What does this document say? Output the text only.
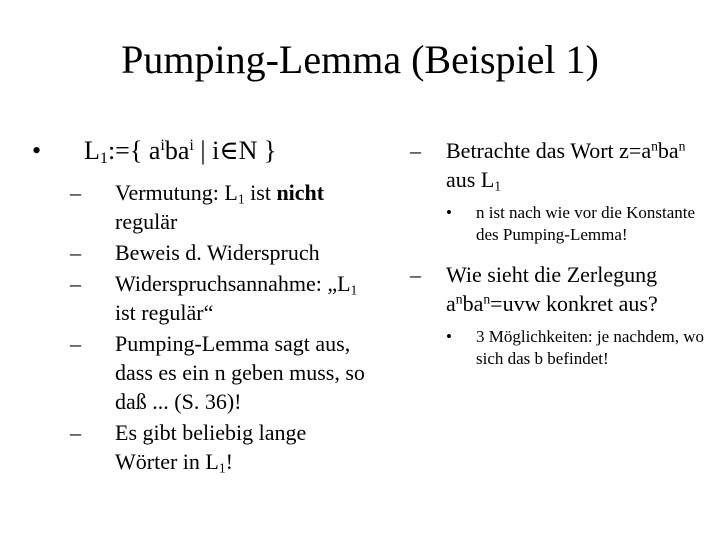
Pumping-Lemma (Beispiel 1)
• $L_1:=${ $a^iba^i$ | i∈N }
– Vermutung: $L_1$ ist nicht regulär
– Beweis d. Widerspruch
– Widerspruchsannahme: $„L_1$ ist regulär“
– Pumping-Lemma sagt aus, dass es ein n geben muss, so daß ... (S. 36)!
– Es gibt beliebig lange Wörter in $L_1$!
– Betrachte das Wort $z=a^nba^n$ aus $L_1$
• n ist nach wie vor die Konstante des Pumping-Lemma!
– Wie sieht die Zerlegung $a^nba^n=uvw$ konkret aus?
• 3 Möglichkeiten: je nachdem, wo sich das b befindet!
